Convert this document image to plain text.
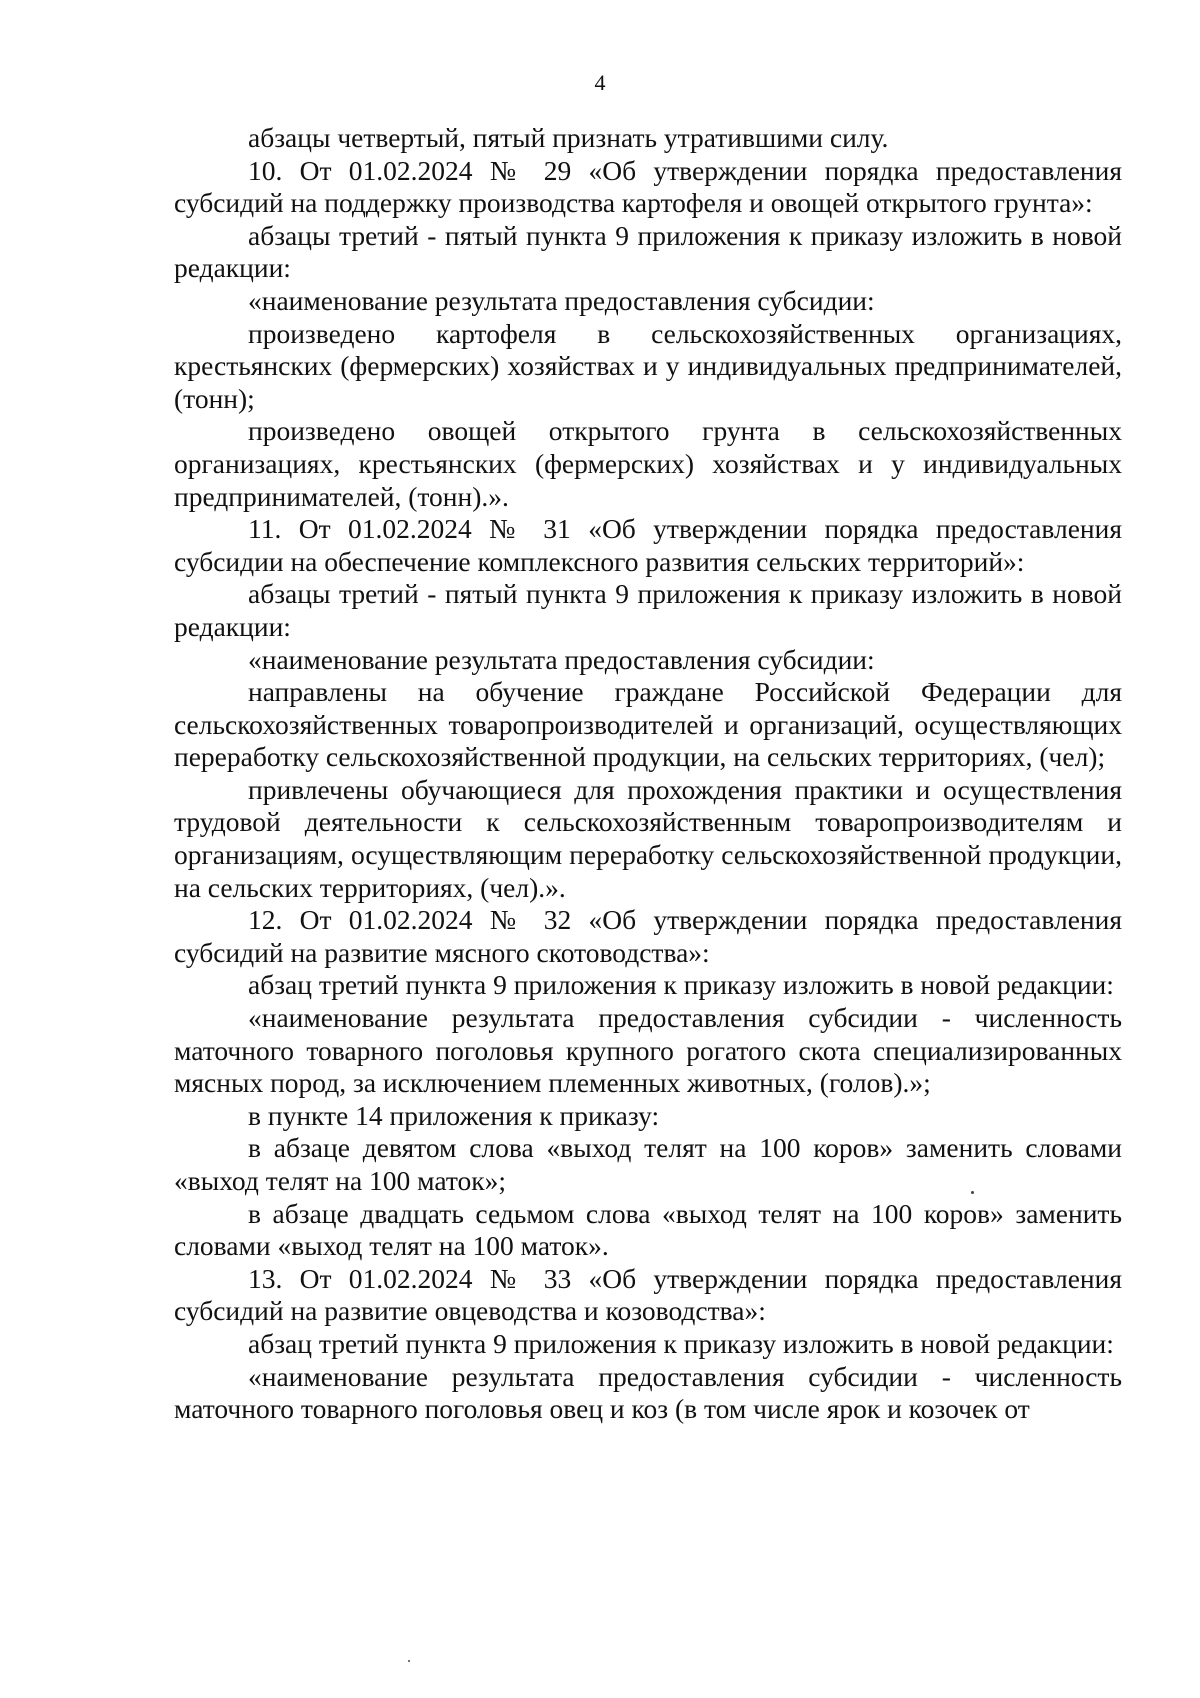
4

абзацы четвертый, пятый признать утратившими силу.

10. От 01.02.2024 № 29 «Об утверждении порядка предоставления субсидий на поддержку производства картофеля и овощей открытого грунта»:

абзацы третий - пятый пункта 9 приложения к приказу изложить в новой редакции:

«наименование результата предоставления субсидии:

произведено картофеля в сельскохозяйственных организациях, крестьянских (фермерских) хозяйствах и у индивидуальных предпринимателей, (тонн);

произведено овощей открытого грунта в сельскохозяйственных организациях, крестьянских (фермерских) хозяйствах и у индивидуальных предпринимателей, (тонн).».

11. От 01.02.2024 № 31 «Об утверждении порядка предоставления субсидии на обеспечение комплексного развития сельских территорий»:

абзацы третий - пятый пункта 9 приложения к приказу изложить в новой редакции:

«наименование результата предоставления субсидии:

направлены на обучение граждане Российской Федерации для сельскохозяйственных товаропроизводителей и организаций, осуществляющих переработку сельскохозяйственной продукции, на сельских территориях, (чел);

привлечены обучающиеся для прохождения практики и осуществления трудовой деятельности к сельскохозяйственным товаропроизводителям и организациям, осуществляющим переработку сельскохозяйственной продукции, на сельских территориях, (чел).».

12. От 01.02.2024 № 32 «Об утверждении порядка предоставления субсидий на развитие мясного скотоводства»:

абзац третий пункта 9 приложения к приказу изложить в новой редакции:

«наименование результата предоставления субсидии - численность маточного товарного поголовья крупного рогатого скота специализированных мясных пород, за исключением племенных животных, (голов).»;

в пункте 14 приложения к приказу:

в абзаце девятом слова «выход телят на 100 коров» заменить словами «выход телят на 100 маток»;

в абзаце двадцать седьмом слова «выход телят на 100 коров» заменить словами «выход телят на 100 маток».

13. От 01.02.2024 № 33 «Об утверждении порядка предоставления субсидий на развитие овцеводства и козоводства»:

абзац третий пункта 9 приложения к приказу изложить в новой редакции:

«наименование результата предоставления субсидии - численность маточного товарного поголовья овец и коз (в том числе ярок и козочек от
